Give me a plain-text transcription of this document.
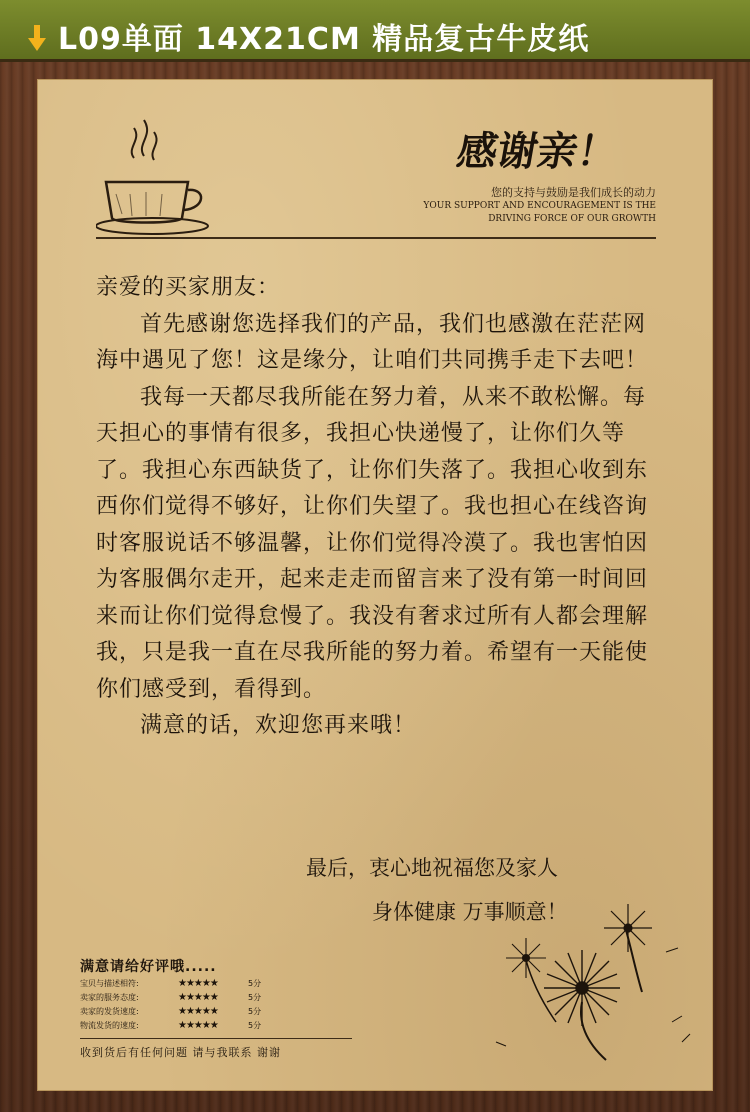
L09单面 14X21CM 精品复古牛皮纸
感谢亲！
您的支持与鼓励是我们成长的动力
YOUR SUPPORT AND ENCOURAGEMENT IS THE
DRIVING FORCE OF OUR GROWTH

亲爱的买家朋友：

首先感谢您选择我们的产品，我们也感激在茫茫网海中遇见了您！这是缘分，让咱们共同携手走下去吧！

我每一天都尽我所能在努力着，从来不敢松懈。每天担心的事情有很多，我担心快递慢了，让你们久等了。我担心东西缺货了，让你们失落了。我担心收到东西你们觉得不够好，让你们失望了。我也担心在线咨询时客服说话不够温馨，让你们觉得冷漠了。我也害怕因为客服偶尔走开，起来走走而留言来了没有第一时间回来而让你们觉得怠慢了。我没有奢求过所有人都会理解我，只是我一直在尽我所能的努力着。希望有一天能使你们感受到，看得到。

满意的话，欢迎您再来哦！

最后，衷心地祝福您及家人
身体健康 万事顺意！
满意请给好评哦.....
宝贝与描述相符:	★★★★★	5分
卖家的服务态度:	★★★★★	5分
卖家的发货速度:	★★★★★	5分
物流发货的速度:	★★★★★	5分
收到货后有任何问题 请与我联系 谢谢
